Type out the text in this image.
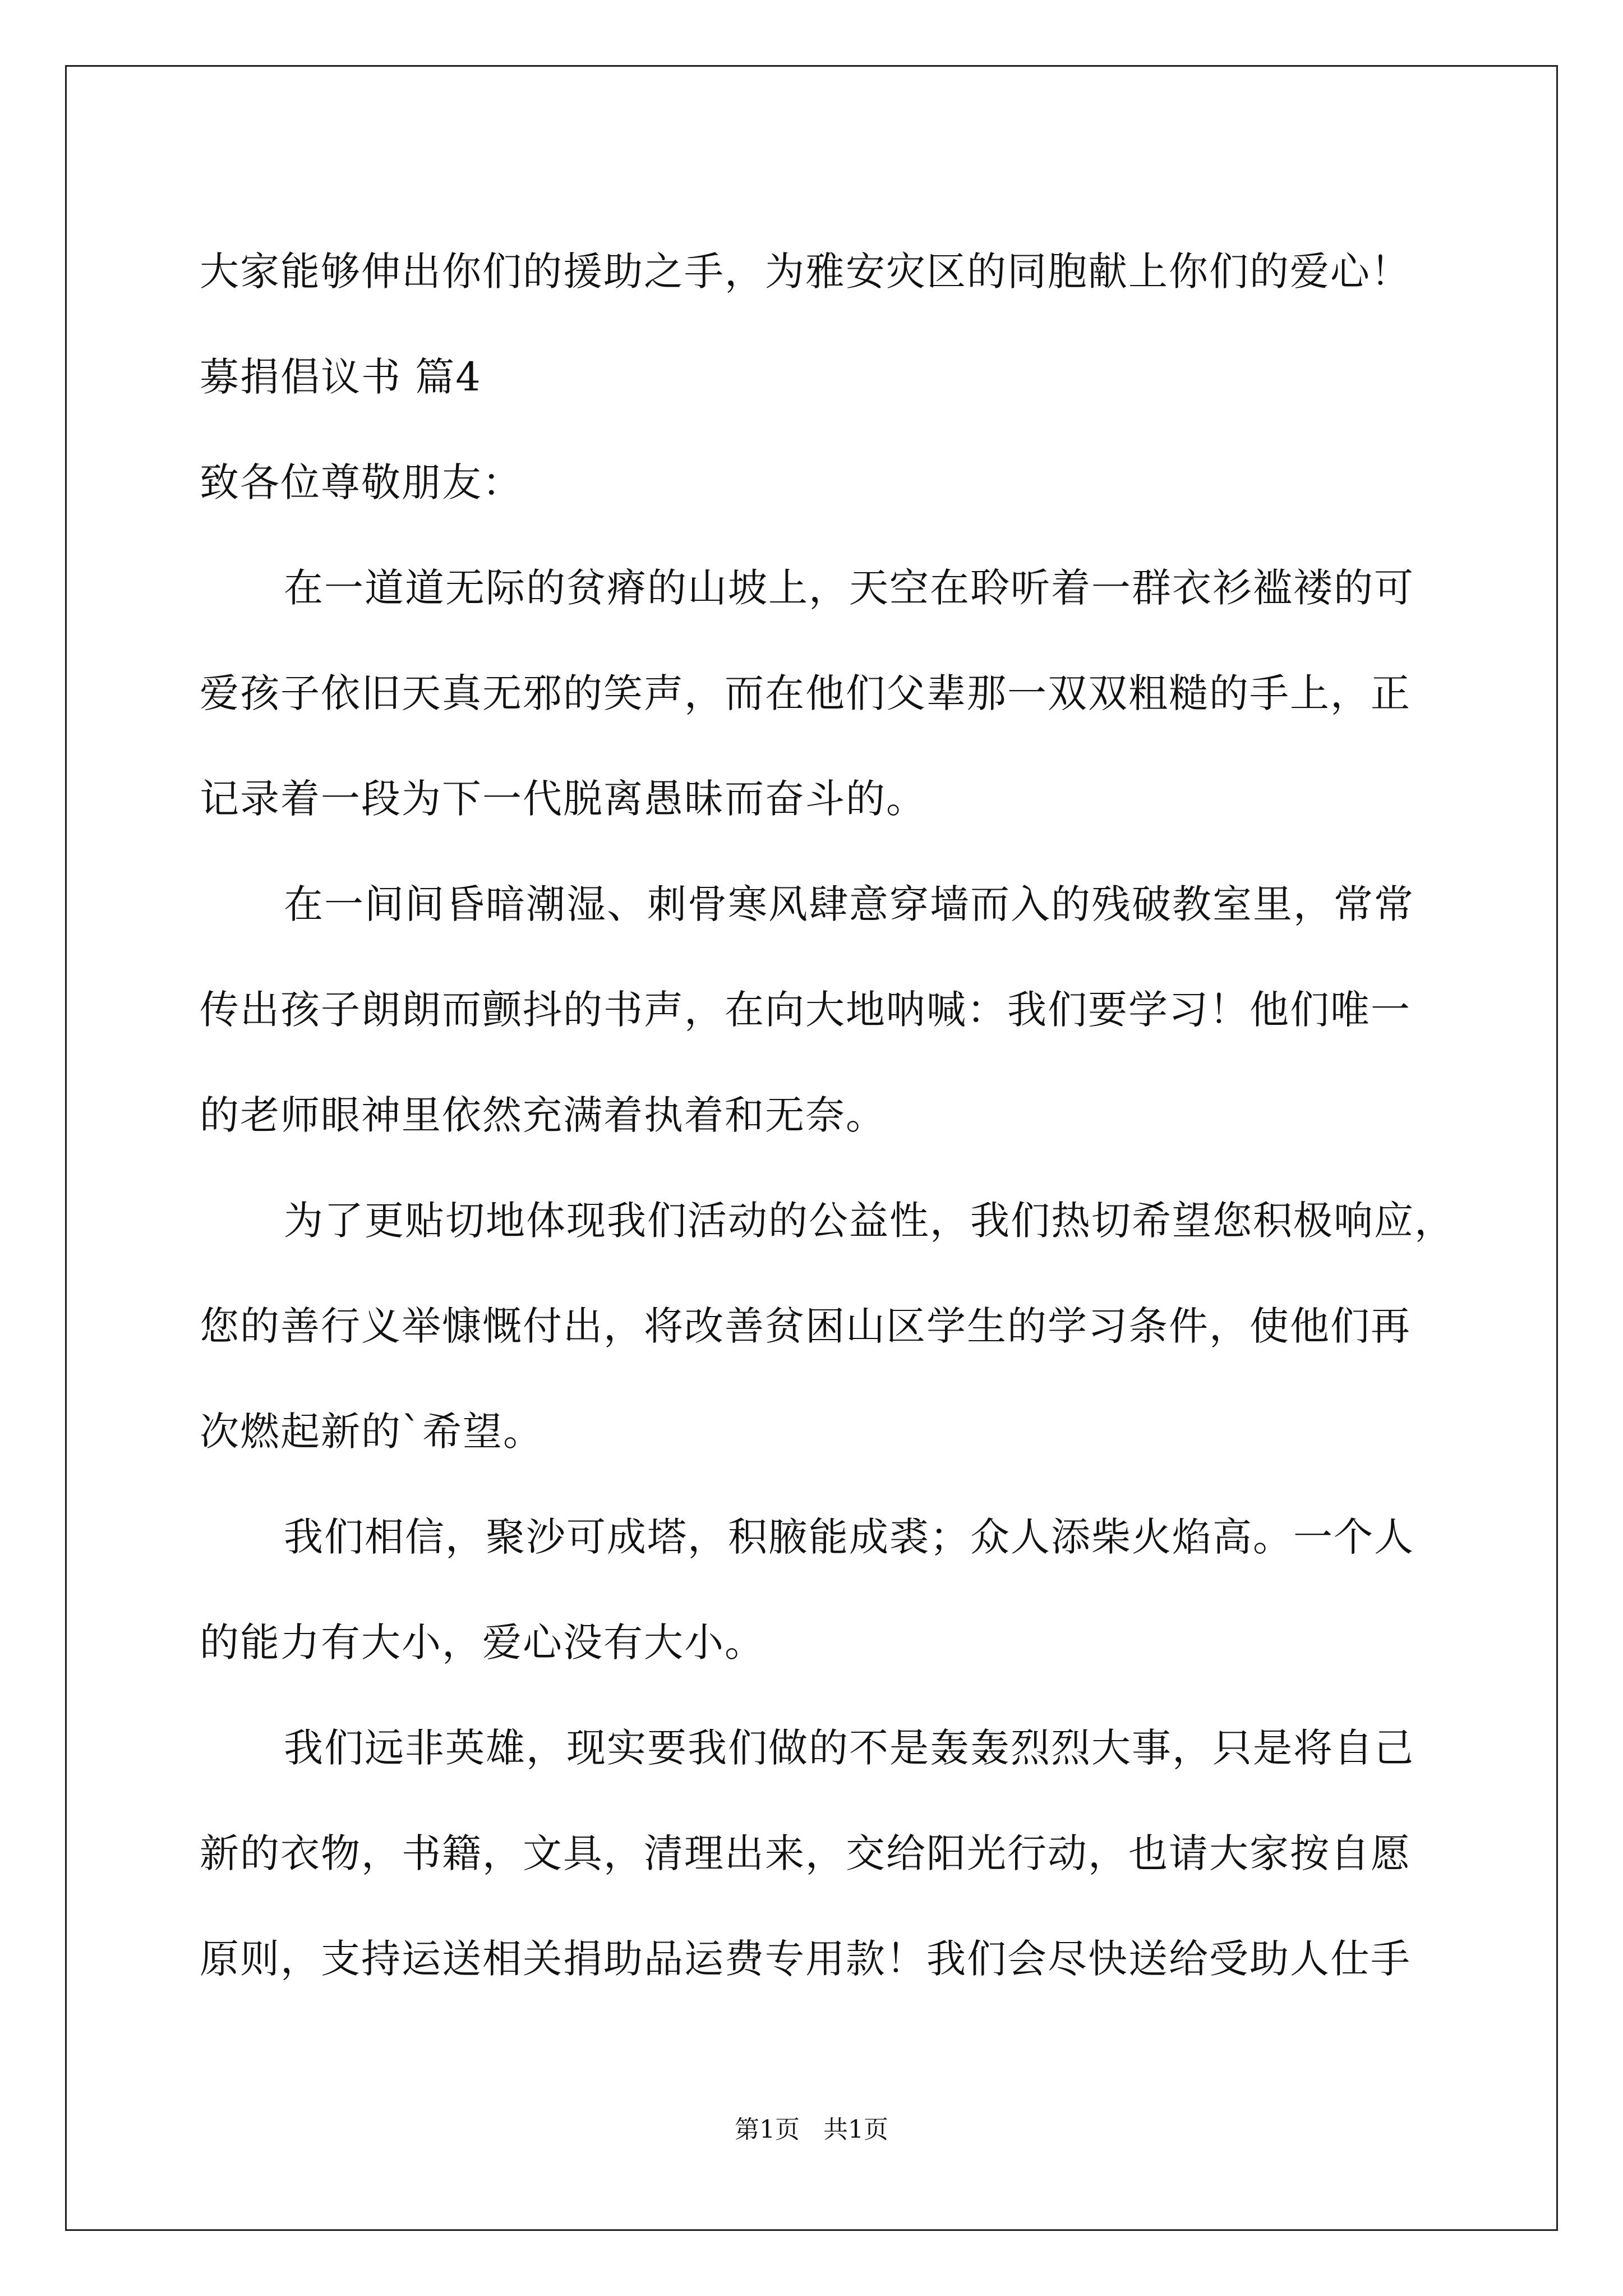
大家能够伸出你们的援助之手，为雅安灾区的同胞献上你们的爱心！
募捐倡议书 篇4
致各位尊敬朋友：
在一道道无际的贫瘠的山坡上，天空在聆听着一群衣衫褴褛的可
爱孩子依旧天真无邪的笑声，而在他们父辈那一双双粗糙的手上，正
记录着一段为下一代脱离愚昧而奋斗的。
在一间间昏暗潮湿、刺骨寒风肆意穿墙而入的残破教室里，常常
传出孩子朗朗而颤抖的书声，在向大地呐喊：我们要学习！他们唯一
的老师眼神里依然充满着执着和无奈。
为了更贴切地体现我们活动的公益性，我们热切希望您积极响应，
您的善行义举慷慨付出，将改善贫困山区学生的学习条件，使他们再
次燃起新的`希望。
我们相信，聚沙可成塔，积腋能成裘；众人添柴火焰高。一个人
的能力有大小，爱心没有大小。
我们远非英雄，现实要我们做的不是轰轰烈烈大事，只是将自己
新的衣物，书籍，文具，清理出来，交给阳光行动，也请大家按自愿
原则，支持运送相关捐助品运费专用款！我们会尽快送给受助人仕手
第1页   共1页
